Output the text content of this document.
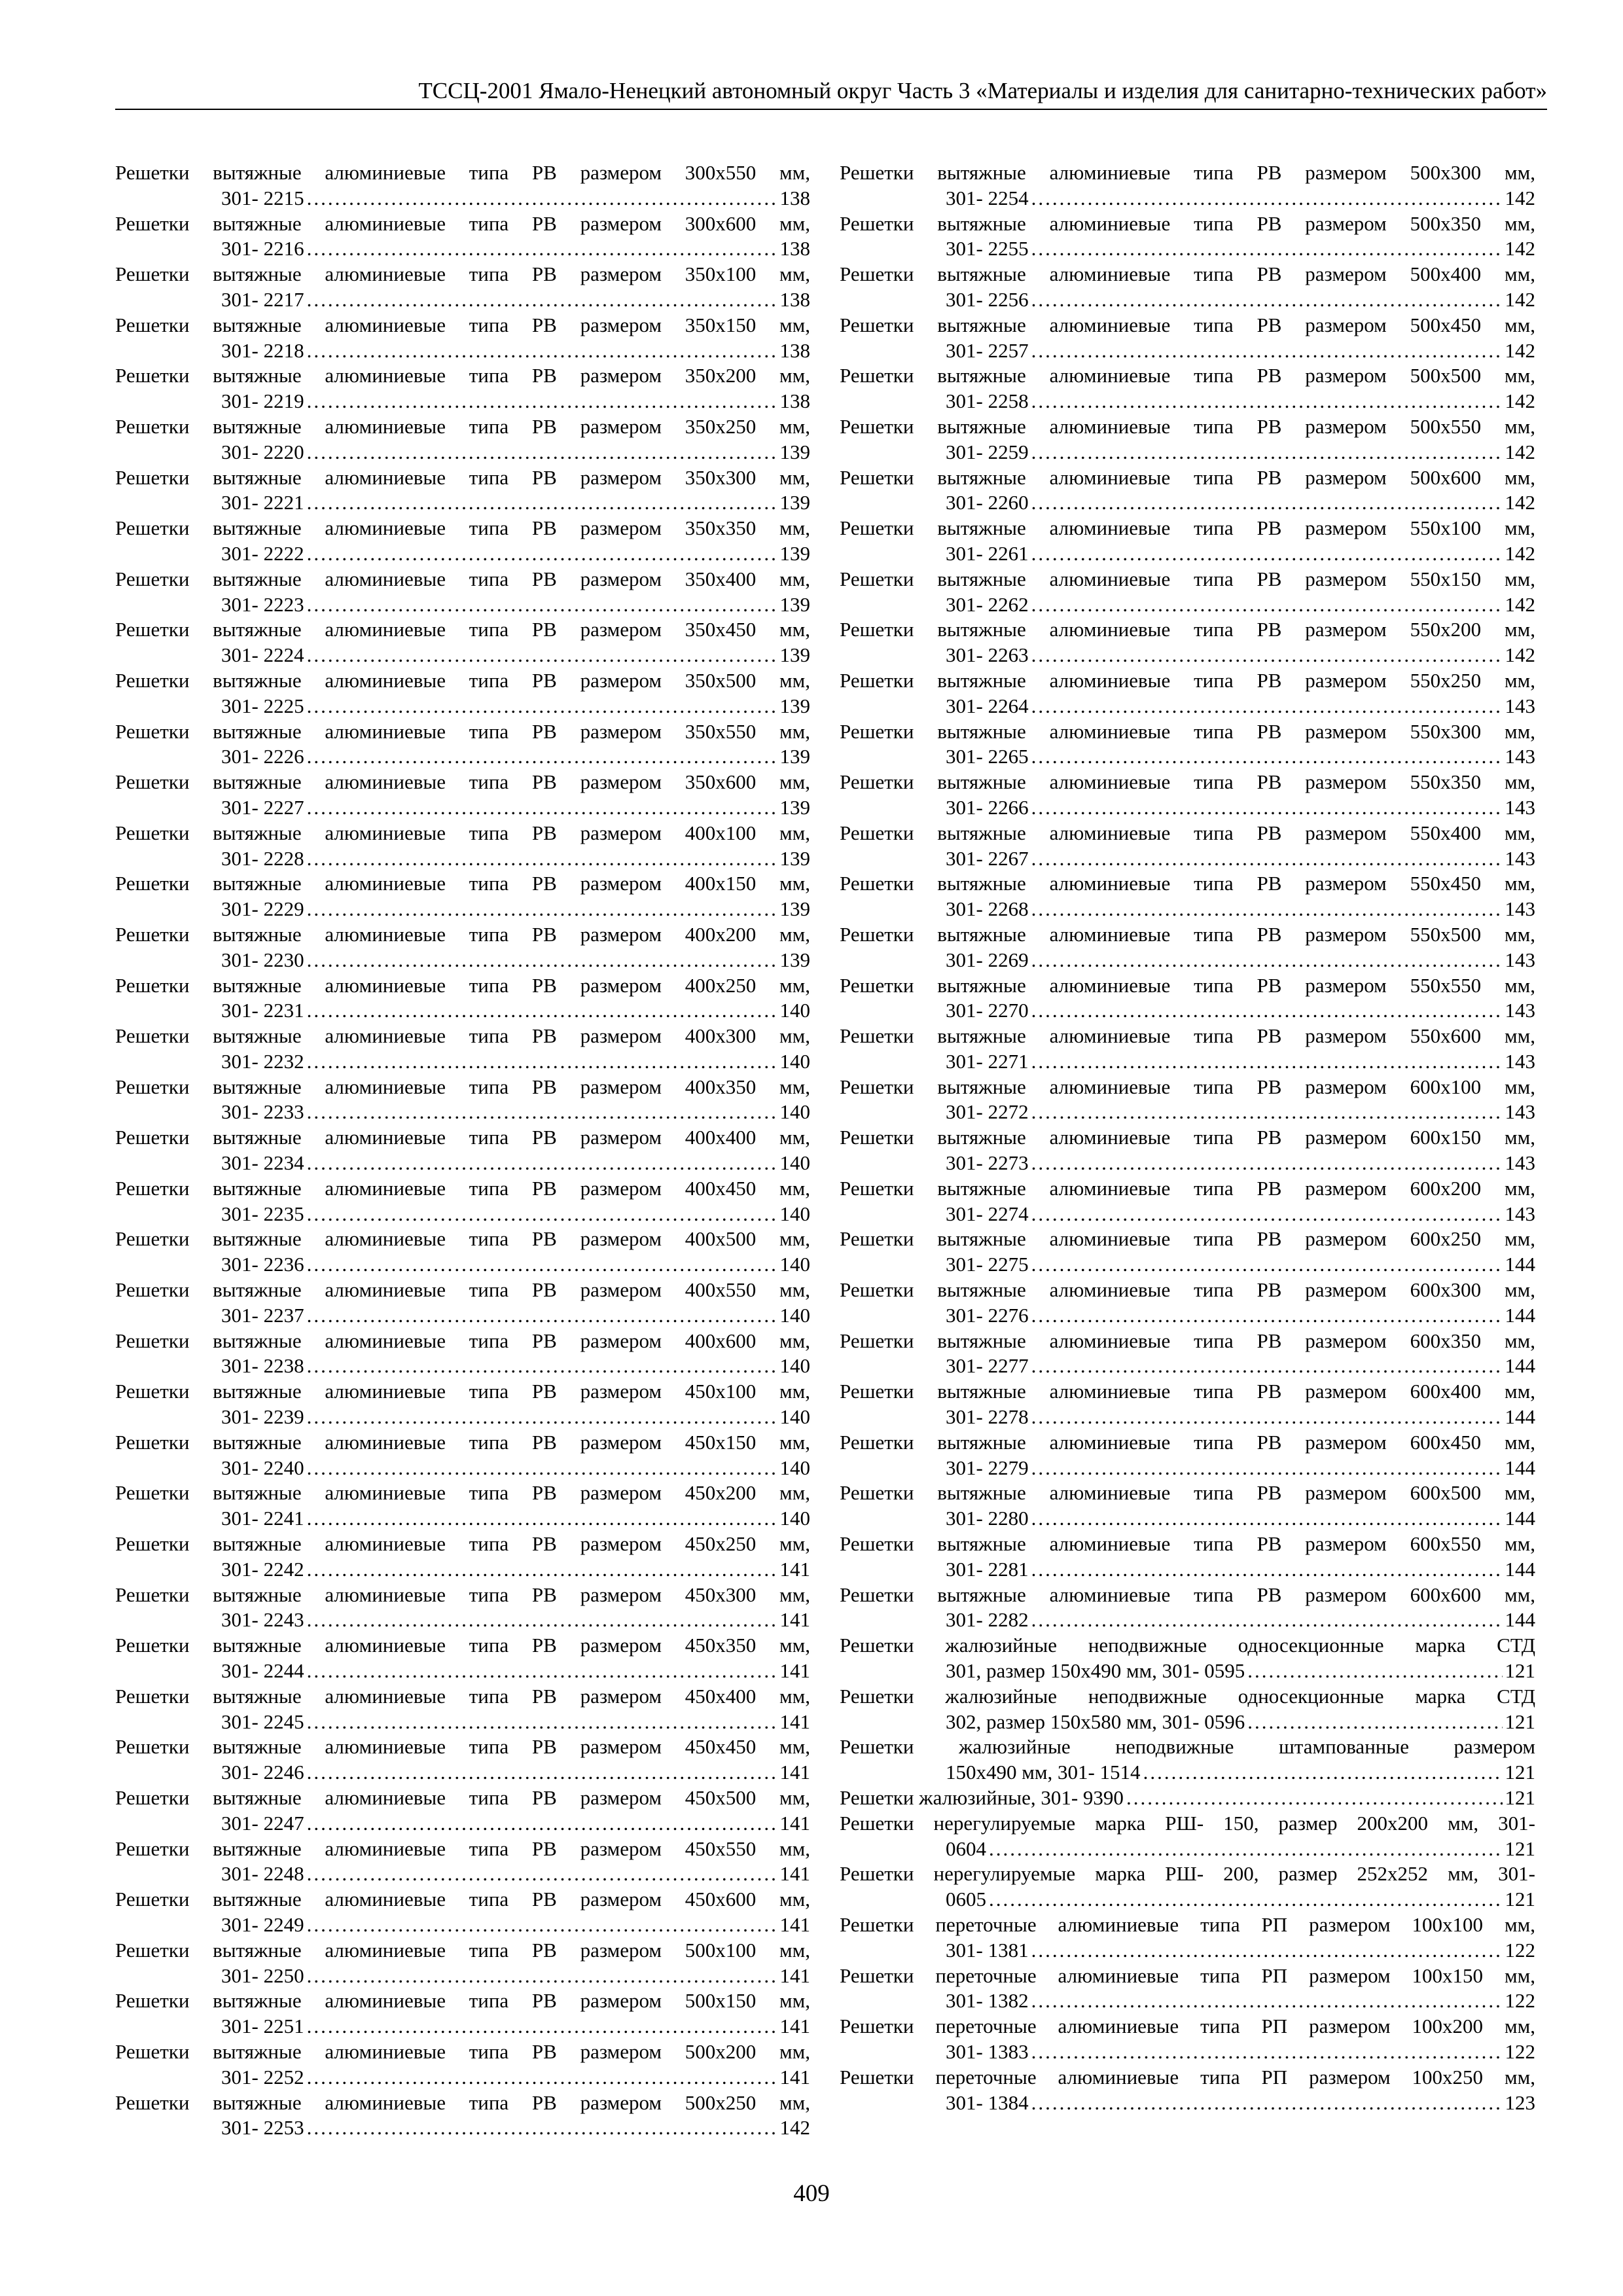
ТССЦ-2001 Ямало-Ненецкий автономный округ Часть 3 «Материалы и изделия для санитарно-технических работ»
Решетки вытяжные алюминиевые типа РВ размером 300x550 мм,
301- 2215 .....	138
Решетки вытяжные алюминиевые типа РВ размером 300x600 мм,
301- 2216 .....	138
Решетки вытяжные алюминиевые типа РВ размером 350x100 мм,
301- 2217 .....	138
Решетки вытяжные алюминиевые типа РВ размером 350x150 мм,
301- 2218 .....	138
Решетки вытяжные алюминиевые типа РВ размером 350x200 мм,
301- 2219 .....	138
Решетки вытяжные алюминиевые типа РВ размером 350x250 мм,
301- 2220 .....	139
Решетки вытяжные алюминиевые типа РВ размером 350x300 мм,
301- 2221 .....	139
Решетки вытяжные алюминиевые типа РВ размером 350x350 мм,
301- 2222 .....	139
Решетки вытяжные алюминиевые типа РВ размером 350x400 мм,
301- 2223 .....	139
Решетки вытяжные алюминиевые типа РВ размером 350x450 мм,
301- 2224 .....	139
Решетки вытяжные алюминиевые типа РВ размером 350x500 мм,
301- 2225 .....	139
Решетки вытяжные алюминиевые типа РВ размером 350x550 мм,
301- 2226 .....	139
Решетки вытяжные алюминиевые типа РВ размером 350x600 мм,
301- 2227 .....	139
Решетки вытяжные алюминиевые типа РВ размером 400x100 мм,
301- 2228 .....	139
Решетки вытяжные алюминиевые типа РВ размером 400x150 мм,
301- 2229 .....	139
Решетки вытяжные алюминиевые типа РВ размером 400x200 мм,
301- 2230 .....	139
Решетки вытяжные алюминиевые типа РВ размером 400x250 мм,
301- 2231 .....	140
Решетки вытяжные алюминиевые типа РВ размером 400x300 мм,
301- 2232 .....	140
Решетки вытяжные алюминиевые типа РВ размером 400x350 мм,
301- 2233 .....	140
Решетки вытяжные алюминиевые типа РВ размером 400x400 мм,
301- 2234 .....	140
Решетки вытяжные алюминиевые типа РВ размером 400x450 мм,
301- 2235 .....	140
Решетки вытяжные алюминиевые типа РВ размером 400x500 мм,
301- 2236 .....	140
Решетки вытяжные алюминиевые типа РВ размером 400x550 мм,
301- 2237 .....	140
Решетки вытяжные алюминиевые типа РВ размером 400x600 мм,
301- 2238 .....	140
Решетки вытяжные алюминиевые типа РВ размером 450x100 мм,
301- 2239 .....	140
Решетки вытяжные алюминиевые типа РВ размером 450x150 мм,
301- 2240 .....	140
Решетки вытяжные алюминиевые типа РВ размером 450x200 мм,
301- 2241 .....	140
Решетки вытяжные алюминиевые типа РВ размером 450x250 мм,
301- 2242 .....	141
Решетки вытяжные алюминиевые типа РВ размером 450x300 мм,
301- 2243 .....	141
Решетки вытяжные алюминиевые типа РВ размером 450x350 мм,
301- 2244 .....	141
Решетки вытяжные алюминиевые типа РВ размером 450x400 мм,
301- 2245 .....	141
Решетки вытяжные алюминиевые типа РВ размером 450x450 мм,
301- 2246 .....	141
Решетки вытяжные алюминиевые типа РВ размером 450x500 мм,
301- 2247 .....	141
Решетки вытяжные алюминиевые типа РВ размером 450x550 мм,
301- 2248 .....	141
Решетки вытяжные алюминиевые типа РВ размером 450x600 мм,
301- 2249 .....	141
Решетки вытяжные алюминиевые типа РВ размером 500x100 мм,
301- 2250 .....	141
Решетки вытяжные алюминиевые типа РВ размером 500x150 мм,
301- 2251 .....	141
Решетки вытяжные алюминиевые типа РВ размером 500x200 мм,
301- 2252 .....	141
Решетки вытяжные алюминиевые типа РВ размером 500x250 мм,
301- 2253 .....	142
Решетки вытяжные алюминиевые типа РВ размером 500x300 мм,
301- 2254 .....	142
Решетки вытяжные алюминиевые типа РВ размером 500x350 мм,
301- 2255 .....	142
Решетки вытяжные алюминиевые типа РВ размером 500x400 мм,
301- 2256 .....	142
Решетки вытяжные алюминиевые типа РВ размером 500x450 мм,
301- 2257 .....	142
Решетки вытяжные алюминиевые типа РВ размером 500x500 мм,
301- 2258 .....	142
Решетки вытяжные алюминиевые типа РВ размером 500x550 мм,
301- 2259 .....	142
Решетки вытяжные алюминиевые типа РВ размером 500x600 мм,
301- 2260 .....	142
Решетки вытяжные алюминиевые типа РВ размером 550x100 мм,
301- 2261 .....	142
Решетки вытяжные алюминиевые типа РВ размером 550x150 мм,
301- 2262 .....	142
Решетки вытяжные алюминиевые типа РВ размером 550x200 мм,
301- 2263 .....	142
Решетки вытяжные алюминиевые типа РВ размером 550x250 мм,
301- 2264 .....	143
Решетки вытяжные алюминиевые типа РВ размером 550x300 мм,
301- 2265 .....	143
Решетки вытяжные алюминиевые типа РВ размером 550x350 мм,
301- 2266 .....	143
Решетки вытяжные алюминиевые типа РВ размером 550x400 мм,
301- 2267 .....	143
Решетки вытяжные алюминиевые типа РВ размером 550x450 мм,
301- 2268 .....	143
Решетки вытяжные алюминиевые типа РВ размером 550x500 мм,
301- 2269 .....	143
Решетки вытяжные алюминиевые типа РВ размером 550x550 мм,
301- 2270 .....	143
Решетки вытяжные алюминиевые типа РВ размером 550x600 мм,
301- 2271 .....	143
Решетки вытяжные алюминиевые типа РВ размером 600x100 мм,
301- 2272 .....	143
Решетки вытяжные алюминиевые типа РВ размером 600x150 мм,
301- 2273 .....	143
Решетки вытяжные алюминиевые типа РВ размером 600x200 мм,
301- 2274 .....	143
Решетки вытяжные алюминиевые типа РВ размером 600x250 мм,
301- 2275 .....	144
Решетки вытяжные алюминиевые типа РВ размером 600x300 мм,
301- 2276 .....	144
Решетки вытяжные алюминиевые типа РВ размером 600x350 мм,
301- 2277 .....	144
Решетки вытяжные алюминиевые типа РВ размером 600x400 мм,
301- 2278 .....	144
Решетки вытяжные алюминиевые типа РВ размером 600x450 мм,
301- 2279 .....	144
Решетки вытяжные алюминиевые типа РВ размером 600x500 мм,
301- 2280 .....	144
Решетки вытяжные алюминиевые типа РВ размером 600x550 мм,
301- 2281 .....	144
Решетки вытяжные алюминиевые типа РВ размером 600x600 мм,
301- 2282 .....	144
Решетки жалюзийные неподвижные односекционные марка СТД
301, размер 150x490 мм, 301- 0595 .....	121
Решетки жалюзийные неподвижные односекционные марка СТД
302, размер 150x580 мм, 301- 0596 .....	121
Решетки жалюзийные неподвижные штампованные размером
150x490 мм, 301- 1514 .....	121
Решетки жалюзийные, 301- 9390 .....	121
Решетки нерегулируемые марка РШ- 150, размер 200x200 мм, 301-
0604 .....	121
Решетки нерегулируемые марка РШ- 200, размер 252x252 мм, 301-
0605 .....	121
Решетки переточные алюминиевые типа РП размером 100x100 мм,
301- 1381 .....	122
Решетки переточные алюминиевые типа РП размером 100x150 мм,
301- 1382 .....	122
Решетки переточные алюминиевые типа РП размером 100x200 мм,
301- 1383 .....	122
Решетки переточные алюминиевые типа РП размером 100x250 мм,
301- 1384 .....	123
409
